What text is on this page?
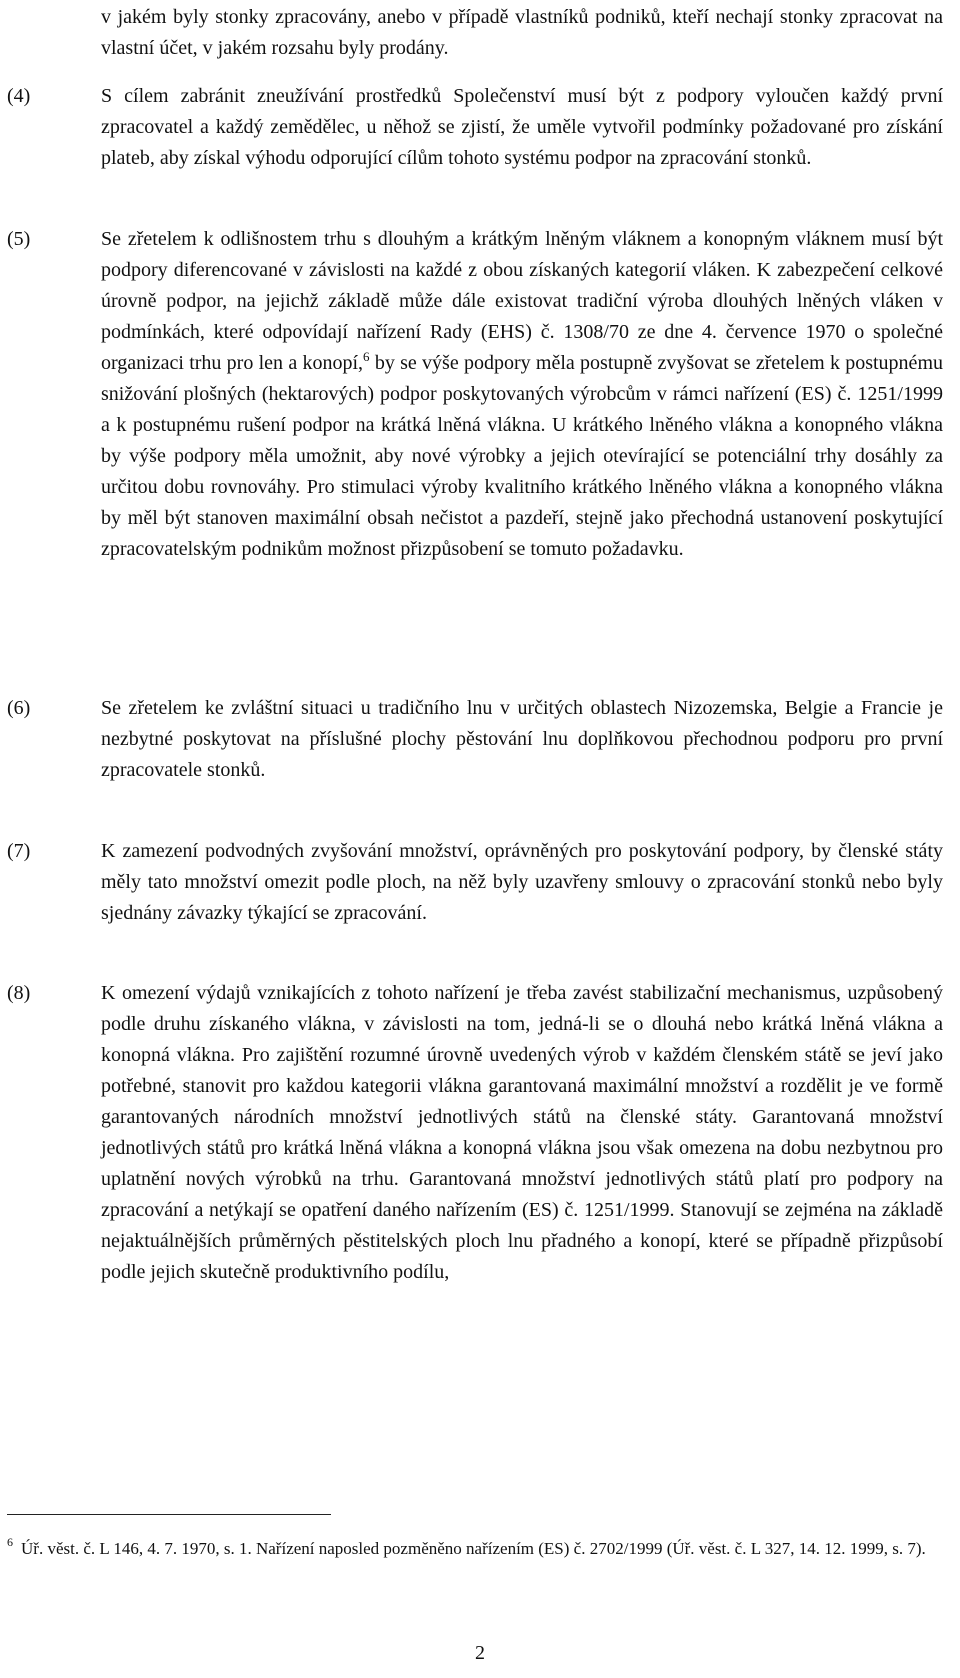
v jakém byly stonky zpracovány, anebo v případě vlastníků podniků, kteří nechají stonky zpracovat na vlastní účet, v jakém rozsahu byly prodány.
(4)	S cílem zabránit zneužívání prostředků Společenství musí být z podpory vyloučen každý první zpracovatel a každý zemědělec, u něhož se zjistí, že uměle vytvořil podmínky požadované pro získání plateb, aby získal výhodu odporující cílům tohoto systému podpor na zpracování stonků.
(5)	Se zřetelem k odlišnostem trhu s dlouhým a krátkým lněným vláknem a konopným vláknem musí být podpory diferencované v závislosti na každé z obou získaných kategorií vláken. K zabezpečení celkové úrovně podpor, na jejichž základě může dále existovat tradiční výroba dlouhých lněných vláken v podmínkách, které odpovídají nařízení Rady (EHS) č. 1308/70 ze dne 4. července 1970 o společné organizaci trhu pro len a konopí,$^6$ by se výše podpory měla postupně zvyšovat se zřetelem k postupnému snižování plošných (hektarových) podpor poskytovaných výrobcům v rámci nařízení (ES) č. 1251/1999 a k postupnému rušení podpor na krátká lněná vlákna. U krátkého lněného vlákna a konopného vlákna by výše podpory měla umožnit, aby nové výrobky a jejich otevírající se potenciální trhy dosáhly za určitou dobu rovnováhy. Pro stimulaci výroby kvalitního krátkého lněného vlákna a konopného vlákna by měl být stanoven maximální obsah nečistot a pazdeří, stejně jako přechodná ustanovení poskytující zpracovatelským podnikům možnost přizpůsobení se tomuto požadavku.
(6)	Se zřetelem ke zvláštní situaci u tradičního lnu v určitých oblastech Nizozemska, Belgie a Francie je nezbytné poskytovat na příslušné plochy pěstování lnu doplňkovou přechodnou podporu pro první zpracovatele stonků.
(7)	K zamezení podvodných zvyšování množství, oprávněných pro poskytování podpory, by členské státy měly tato množství omezit podle ploch, na něž byly uzavřeny smlouvy o zpracování stonků nebo byly sjednány závazky týkající se zpracování.
(8)	K omezení výdajů vznikajících z tohoto nařízení je třeba zavést stabilizační mechanismus, uzpůsobený podle druhu získaného vlákna, v závislosti na tom, jedná-li se o dlouhá nebo krátká lněná vlákna a konopná vlákna. Pro zajištění rozumné úrovně uvedených výrob v každém členském státě se jeví jako potřebné, stanovit pro každou kategorii vlákna garantovaná maximální množství a rozdělit je ve formě garantovaných národních množství jednotlivých států na členské státy. Garantovaná množství jednotlivých států pro krátká lněná vlákna a konopná vlákna jsou však omezena na dobu nezbytnou pro uplatnění nových výrobků na trhu. Garantovaná množství jednotlivých států platí pro podpory na zpracování a netýkají se opatření daného nařízením (ES) č. 1251/1999. Stanovují se zejména na základě nejaktuálnějších průměrných pěstitelských ploch lnu přadného a konopí, které se případně přizpůsobí podle jejich skutečně produktivního podílu,
6 Úř. věst. č. L 146, 4. 7. 1970, s. 1. Nařízení naposled pozměněno nařízením (ES) č. 2702/1999 (Úř. věst. č. L 327, 14. 12. 1999, s. 7).
2
